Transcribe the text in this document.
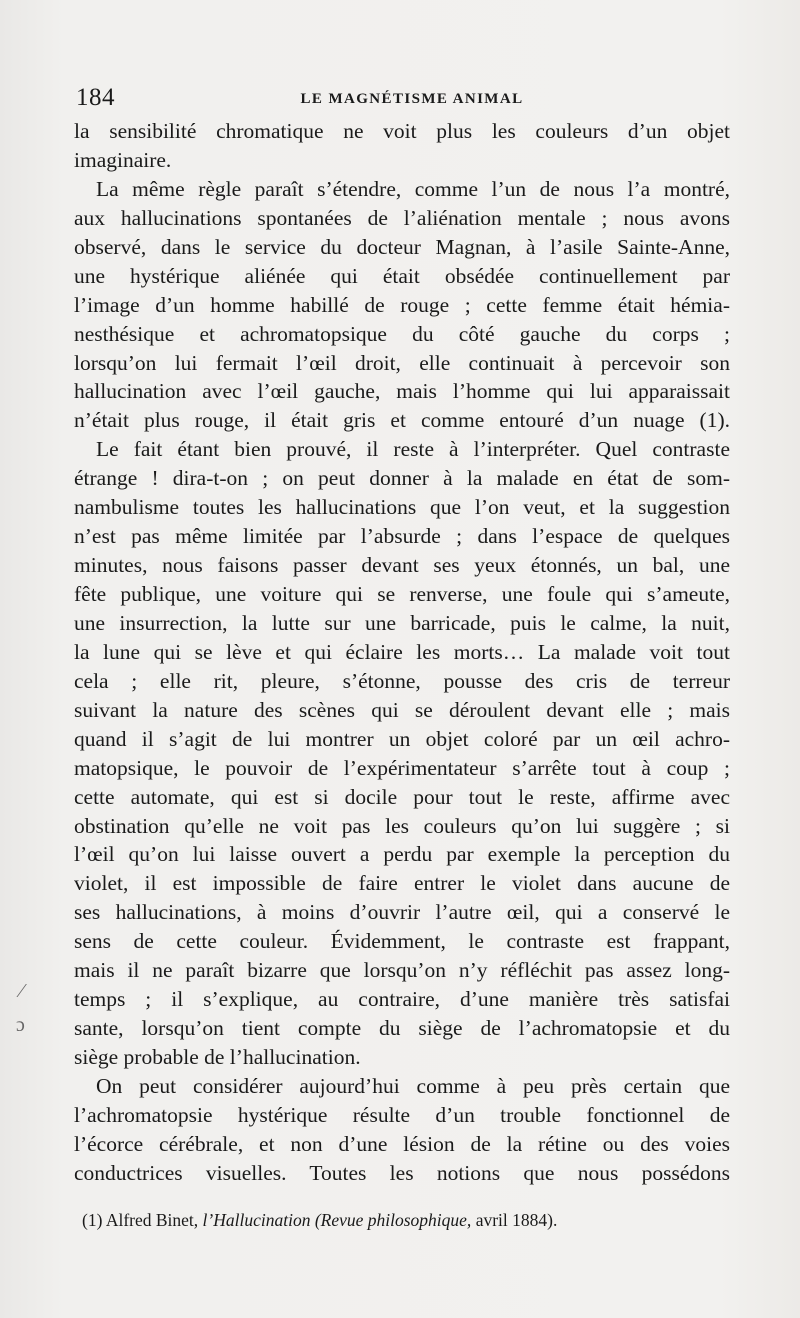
184	LE MAGNÉTISME ANIMAL
la sensibilité chromatique ne voit plus les couleurs d’un objet
imaginaire.
La même règle paraît s’étendre, comme l’un de nous l’a montré,
aux hallucinations spontanées de l’aliénation mentale ; nous avons
observé, dans le service du docteur Magnan, à l’asile Sainte-Anne,
une hystérique aliénée qui était obsédée continuellement par
l’image d’un homme habillé de rouge ; cette femme était hémia-
nesthésique et achromatopsique du côté gauche du corps ;
lorsqu’on lui fermait l’œil droit, elle continuait à percevoir son
hallucination avec l’œil gauche, mais l’homme qui lui apparaissait
n’était plus rouge, il était gris et comme entouré d’un nuage (1).
Le fait étant bien prouvé, il reste à l’interpréter. Quel contraste
étrange ! dira-t-on ; on peut donner à la malade en état de som-
nambulisme toutes les hallucinations que l’on veut, et la suggestion
n’est pas même limitée par l’absurde ; dans l’espace de quelques
minutes, nous faisons passer devant ses yeux étonnés, un bal, une
fête publique, une voiture qui se renverse, une foule qui s’ameute,
une insurrection, la lutte sur une barricade, puis le calme, la nuit,
la lune qui se lève et qui éclaire les morts… La malade voit tout
cela ; elle rit, pleure, s’étonne, pousse des cris de terreur
suivant la nature des scènes qui se déroulent devant elle ; mais
quand il s’agit de lui montrer un objet coloré par un œil achro-
matopsique, le pouvoir de l’expérimentateur s’arrête tout à coup ;
cette automate, qui est si docile pour tout le reste, affirme avec
obstination qu’elle ne voit pas les couleurs qu’on lui suggère ; si
l’œil qu’on lui laisse ouvert a perdu par exemple la perception du
violet, il est impossible de faire entrer le violet dans aucune de
ses hallucinations, à moins d’ouvrir l’autre œil, qui a conservé le
sens de cette couleur. Évidemment, le contraste est frappant,
mais il ne paraît bizarre que lorsqu’on n’y réfléchit pas assez long-
temps ; il s’explique, au contraire, d’une manière très satisfai
sante, lorsqu’on tient compte du siège de l’achromatopsie et du
siège probable de l’hallucination.
On peut considérer aujourd’hui comme à peu près certain que
l’achromatopsie hystérique résulte d’un trouble fonctionnel de
l’écorce cérébrale, et non d’une lésion de la rétine ou des voies
conductrices visuelles. Toutes les notions que nous possédons
(1) Alfred Binet, l’Hallucination (Revue philosophique, avril 1884).
⁄
ɔ
